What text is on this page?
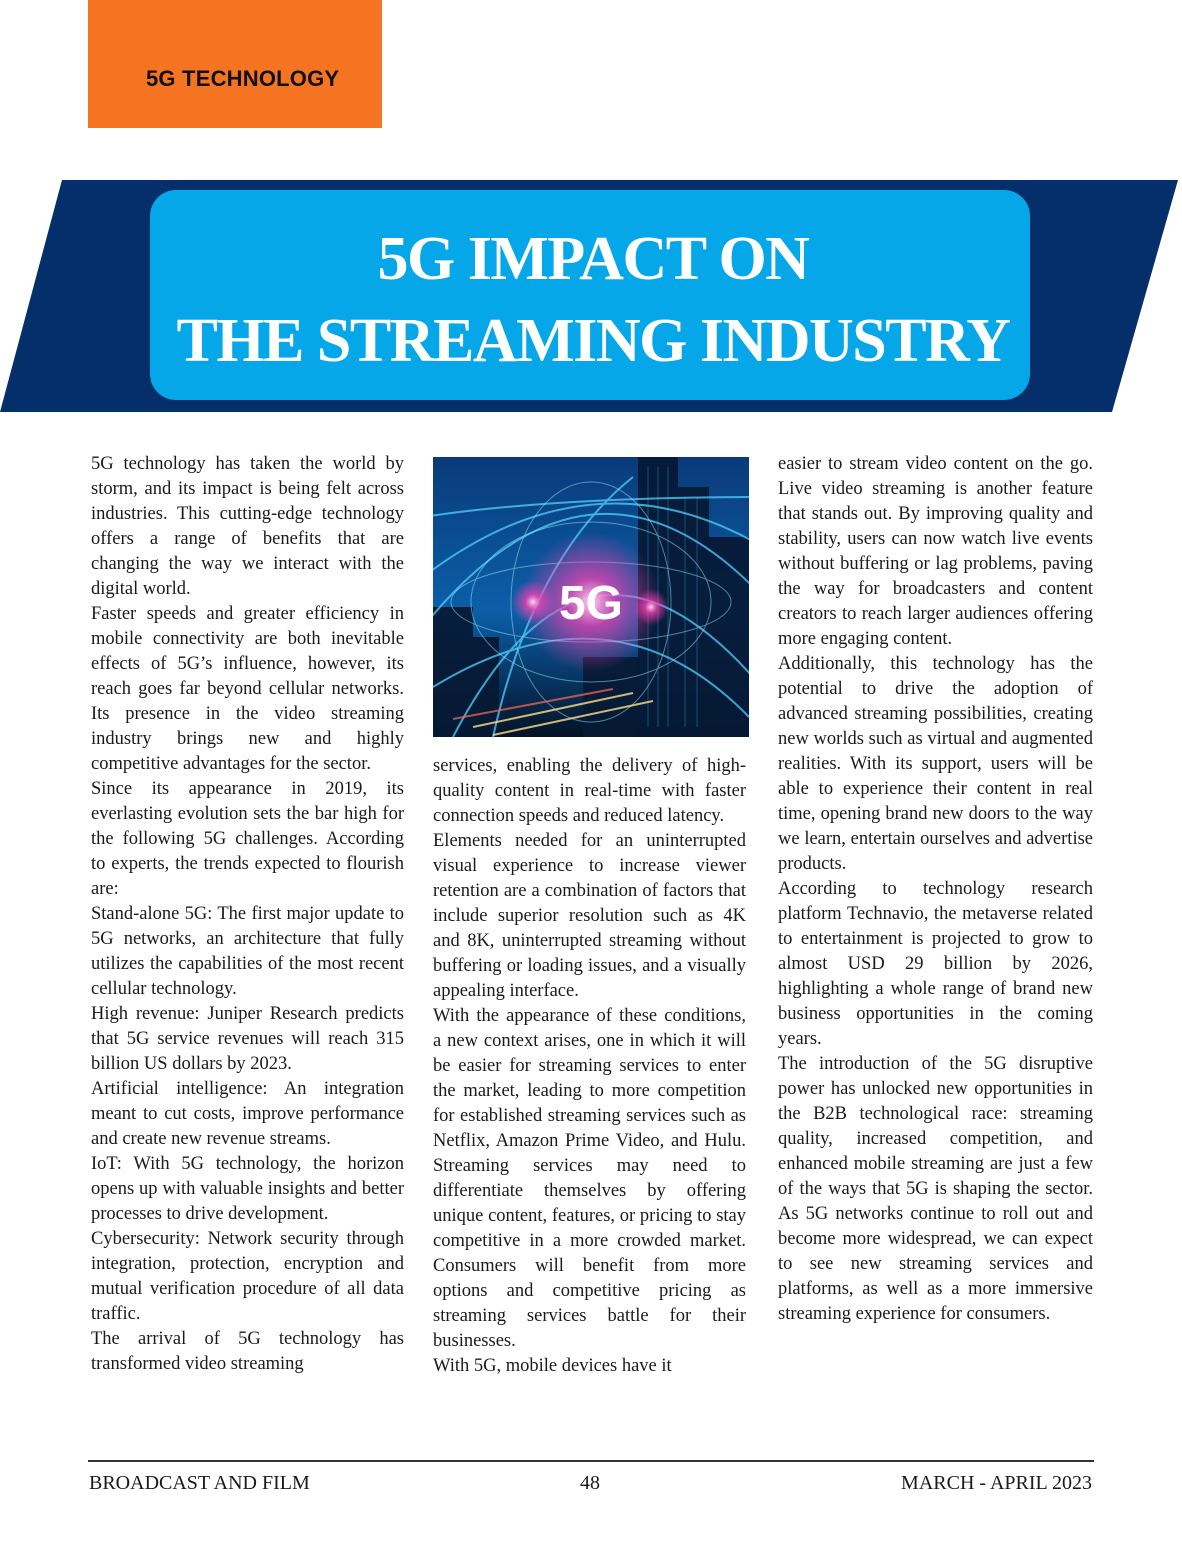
5G TECHNOLOGY
5G IMPACT ON
THE STREAMING INDUSTRY

5G technology has taken the world by storm, and its impact is being felt across industries. This cutting-edge technology offers a range of benefits that are changing the way we interact with the digital world.

Faster speeds and greater efficiency in mobile connectivity are both inevitable effects of 5G’s influence, however, its reach goes far beyond cellular networks. Its presence in the video streaming industry brings new and highly competitive advantages for the sector.

Since its appearance in 2019, its everlasting evolution sets the bar high for the following 5G challenges. According to experts, the trends expected to flourish are:

Stand-alone 5G: The first major update to 5G networks, an architecture that fully utilizes the capabilities of the most recent cellular technology.

High revenue: Juniper Research predicts that 5G service revenues will reach 315 billion US dollars by 2023.

Artificial intelligence: An integration meant to cut costs, improve performance and create new revenue streams.

IoT: With 5G technology, the horizon opens up with valuable insights and better processes to drive development.

Cybersecurity: Network security through integration, protection, encryption and mutual verification procedure of all data traffic.

The arrival of 5G technology has transformed video streaming

5G

services, enabling the delivery of high-quality content in real-time with faster connection speeds and reduced latency.

Elements needed for an uninterrupted visual experience to increase viewer retention are a combination of factors that include superior resolution such as 4K and 8K, uninterrupted streaming without buffering or loading issues, and a visually appealing interface.

With the appearance of these conditions, a new context arises, one in which it will be easier for streaming services to enter the market, leading to more competition for established streaming services such as Netflix, Amazon Prime Video, and Hulu. Streaming services may need to differentiate themselves by offering unique content, features, or pricing to stay competitive in a more crowded market. Consumers will benefit from more options and competitive pricing as streaming services battle for their businesses.

With 5G, mobile devices have it

easier to stream video content on the go. Live video streaming is another feature that stands out. By improving quality and stability, users can now watch live events without buffering or lag problems, paving the way for broadcasters and content creators to reach larger audiences offering more engaging content.

Additionally, this technology has the potential to drive the adoption of advanced streaming possibilities, creating new worlds such as virtual and augmented realities. With its support, users will be able to experience their content in real time, opening brand new doors to the way we learn, entertain ourselves and advertise products.

According to technology research platform Technavio, the metaverse related to entertainment is projected to grow to almost USD 29 billion by 2026, highlighting a whole range of brand new business opportunities in the coming years.

The introduction of the 5G disruptive power has unlocked new opportunities in the B2B technological race: streaming quality, increased competition, and enhanced mobile streaming are just a few of the ways that 5G is shaping the sector. As 5G networks continue to roll out and become more widespread, we can expect to see new streaming services and platforms, as well as a more immersive streaming experience for consumers.

BROADCAST AND FILM	48	MARCH - APRIL 2023
